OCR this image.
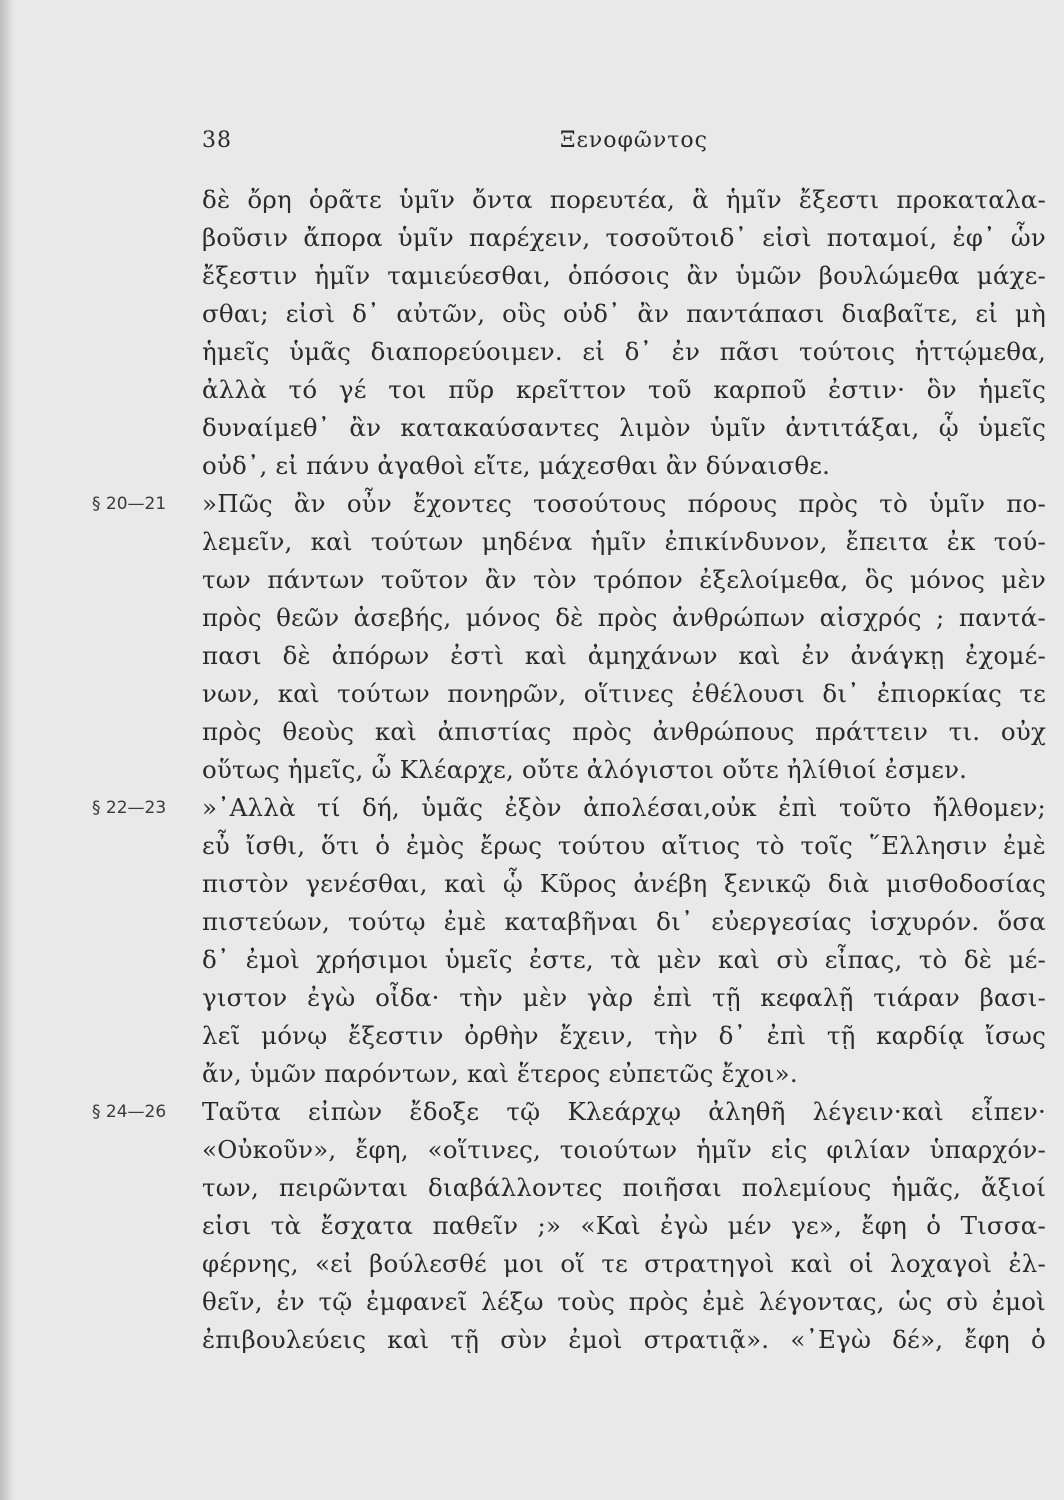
38	Ξενοφῶντος
§ 20—21
§ 22—23
§ 24—26
δὲ ὄρη ὁρᾶτε ὑμῖν ὄντα πορευτέα, ἃ ἡμῖν ἔξεστι προκαταλα-
βοῦσιν ἄπορα ὑμῖν παρέχειν, τοσοῦτοιδ᾽ εἰσὶ ποταμοί, ἐφ᾽ ὧν
ἔξεστιν ἡμῖν ταμιεύεσθαι, ὁπόσοις ἂν ὑμῶν βουλώμεθα μάχε-
σθαι; εἰσὶ δ᾽ αὐτῶν, οὓς οὐδ᾽ ἂν παντάπασι διαβαῖτε, εἰ μὴ
ἡμεῖς ὑμᾶς διαπορεύοιμεν. εἰ δ᾽ ἐν πᾶσι τούτοις ἡττῴμεθα,
ἀλλὰ τό γέ τοι πῦρ κρεῖττον τοῦ καρποῦ ἐστιν· ὃν ἡμεῖς
δυναίμεθ᾽ ἂν κατακαύσαντες λιμὸν ὑμῖν ἀντιτάξαι, ᾧ ὑμεῖς
οὐδ᾽, εἰ πάνυ ἀγαθοὶ εἴτε, μάχεσθαι ἂν δύναισθε.
»Πῶς ἂν οὖν ἔχοντες τοσούτους πόρους πρὸς τὸ ὑμῖν πο-
λεμεῖν, καὶ τούτων μηδένα ἡμῖν ἐπικίνδυνον, ἔπειτα ἐκ τού-
των πάντων τοῦτον ἂν τὸν τρόπον ἐξελοίμεθα, ὃς μόνος μὲν
πρὸς θεῶν ἀσεβής, μόνος δὲ πρὸς ἀνθρώπων αἰσχρός ; παντά-
πασι δὲ ἀπόρων ἐστὶ καὶ ἀμηχάνων καὶ ἐν ἀνάγκῃ ἐχομέ-
νων, καὶ τούτων πονηρῶν, οἵτινες ἐθέλουσι δι᾽ ἐπιορκίας τε
πρὸς θεοὺς καὶ ἀπιστίας πρὸς ἀνθρώπους πράττειν τι. οὐχ
οὕτως ἡμεῖς, ὦ Κλέαρχε, οὔτε ἀλόγιστοι οὔτε ἠλίθιοί ἐσμεν.
»᾽Αλλὰ τί δή, ὑμᾶς ἐξὸν ἀπολέσαι,οὐκ ἐπὶ τοῦτο ἤλθομεν;
εὖ ἴσθι, ὅτι ὁ ἐμὸς ἔρως τούτου αἴτιος τὸ τοῖς ῞Ελλησιν ἐμὲ
πιστὸν γενέσθαι, καὶ ᾧ Κῦρος ἀνέβη ξενικῷ διὰ μισθοδοσίας
πιστεύων, τούτῳ ἐμὲ καταβῆναι δι᾽ εὐεργεσίας ἰσχυρόν. ὅσα
δ᾽ ἐμοὶ χρήσιμοι ὑμεῖς ἐστε, τὰ μὲν καὶ σὺ εἶπας, τὸ δὲ μέ-
γιστον ἐγὼ οἶδα· τὴν μὲν γὰρ ἐπὶ τῇ κεφαλῇ τιάραν βασι-
λεῖ μόνῳ ἔξεστιν ὀρθὴν ἔχειν, τὴν δ᾽ ἐπὶ τῇ καρδίᾳ ἴσως
ἄν, ὑμῶν παρόντων, καὶ ἕτερος εὐπετῶς ἔχοι».
Ταῦτα εἰπὼν ἔδοξε τῷ Κλεάρχῳ ἀληθῆ λέγειν·καὶ εἶπεν·
«Οὐκοῦν», ἔφη, «οἵτινες, τοιούτων ἡμῖν εἰς φιλίαν ὑπαρχόν-
των, πειρῶνται διαβάλλοντες ποιῆσαι πολεμίους ἡμᾶς, ἄξιοί
εἰσι τὰ ἔσχατα παθεῖν ;» «Καὶ ἐγὼ μέν γε», ἔφη ὁ Τισσα-
φέρνης, «εἰ βούλεσθέ μοι οἵ τε στρατηγοὶ καὶ οἱ λοχαγοὶ ἐλ-
θεῖν, ἐν τῷ ἐμφανεῖ λέξω τοὺς πρὸς ἐμὲ λέγοντας, ὡς σὺ ἐμοὶ
ἐπιβουλεύεις καὶ τῇ σὺν ἐμοὶ στρατιᾷ». «᾽Εγὼ δέ», ἔφη ὁ
